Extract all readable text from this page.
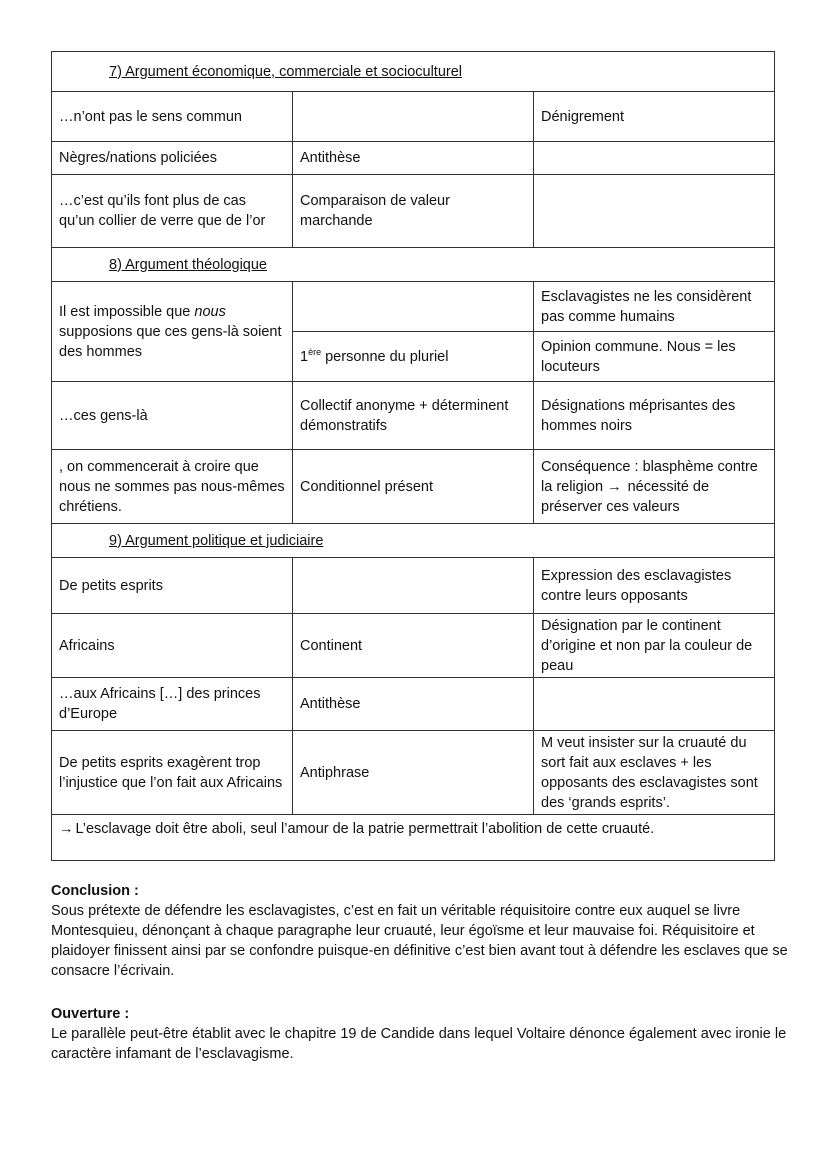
7) Argument économique, commerciale et socioculturel		
…n’ont pas le sens commun		Dénigrement
Nègres/nations policiées	Antithèse	
…c’est qu’ils font plus de cas qu’un collier de verre que de l’or	Comparaison de valeur marchande	
8) Argument théologique		
Il est impossible que nous supposions que ces gens-là soient des hommes		Esclavagistes ne les considèrent pas comme humains
	1ère personne du pluriel	Opinion commune. Nous = les locuteurs
…ces gens-là	Collectif anonyme + déterminent démonstratifs	Désignations méprisantes des hommes noirs
, on commencerait à croire que nous ne sommes pas nous-mêmes chrétiens.	Conditionnel présent	Conséquence : blasphème contre la religion → nécessité de préserver ces valeurs
9) Argument politique et judiciaire		
De petits esprits		Expression des esclavagistes contre leurs opposants
Africains	Continent	Désignation par le continent d’origine et non par la couleur de peau
…aux Africains […] des princes d’Europe	Antithèse	
De petits esprits exagèrent trop l’injustice que l’on fait aux Africains	Antiphrase	M veut insister sur la cruauté du sort fait aux esclaves + les opposants des esclavagistes sont des ‘grands esprits’.
→ L’esclavage doit être aboli, seul l’amour de la patrie permettrait l’abolition de cette cruauté.		

Conclusion :

Sous prétexte de défendre les esclavagistes, c’est en fait un véritable réquisitoire contre eux auquel se livre Montesquieu, dénonçant à chaque paragraphe leur cruauté, leur égoïsme et leur mauvaise foi. Réquisitoire et plaidoyer finissent ainsi par se confondre puisque-en définitive c’est bien avant tout à défendre les esclaves que se consacre l’écrivain.

Ouverture :

Le parallèle peut-être établit avec le chapitre 19 de Candide dans lequel Voltaire dénonce également avec ironie le caractère infamant de l’esclavagisme.
